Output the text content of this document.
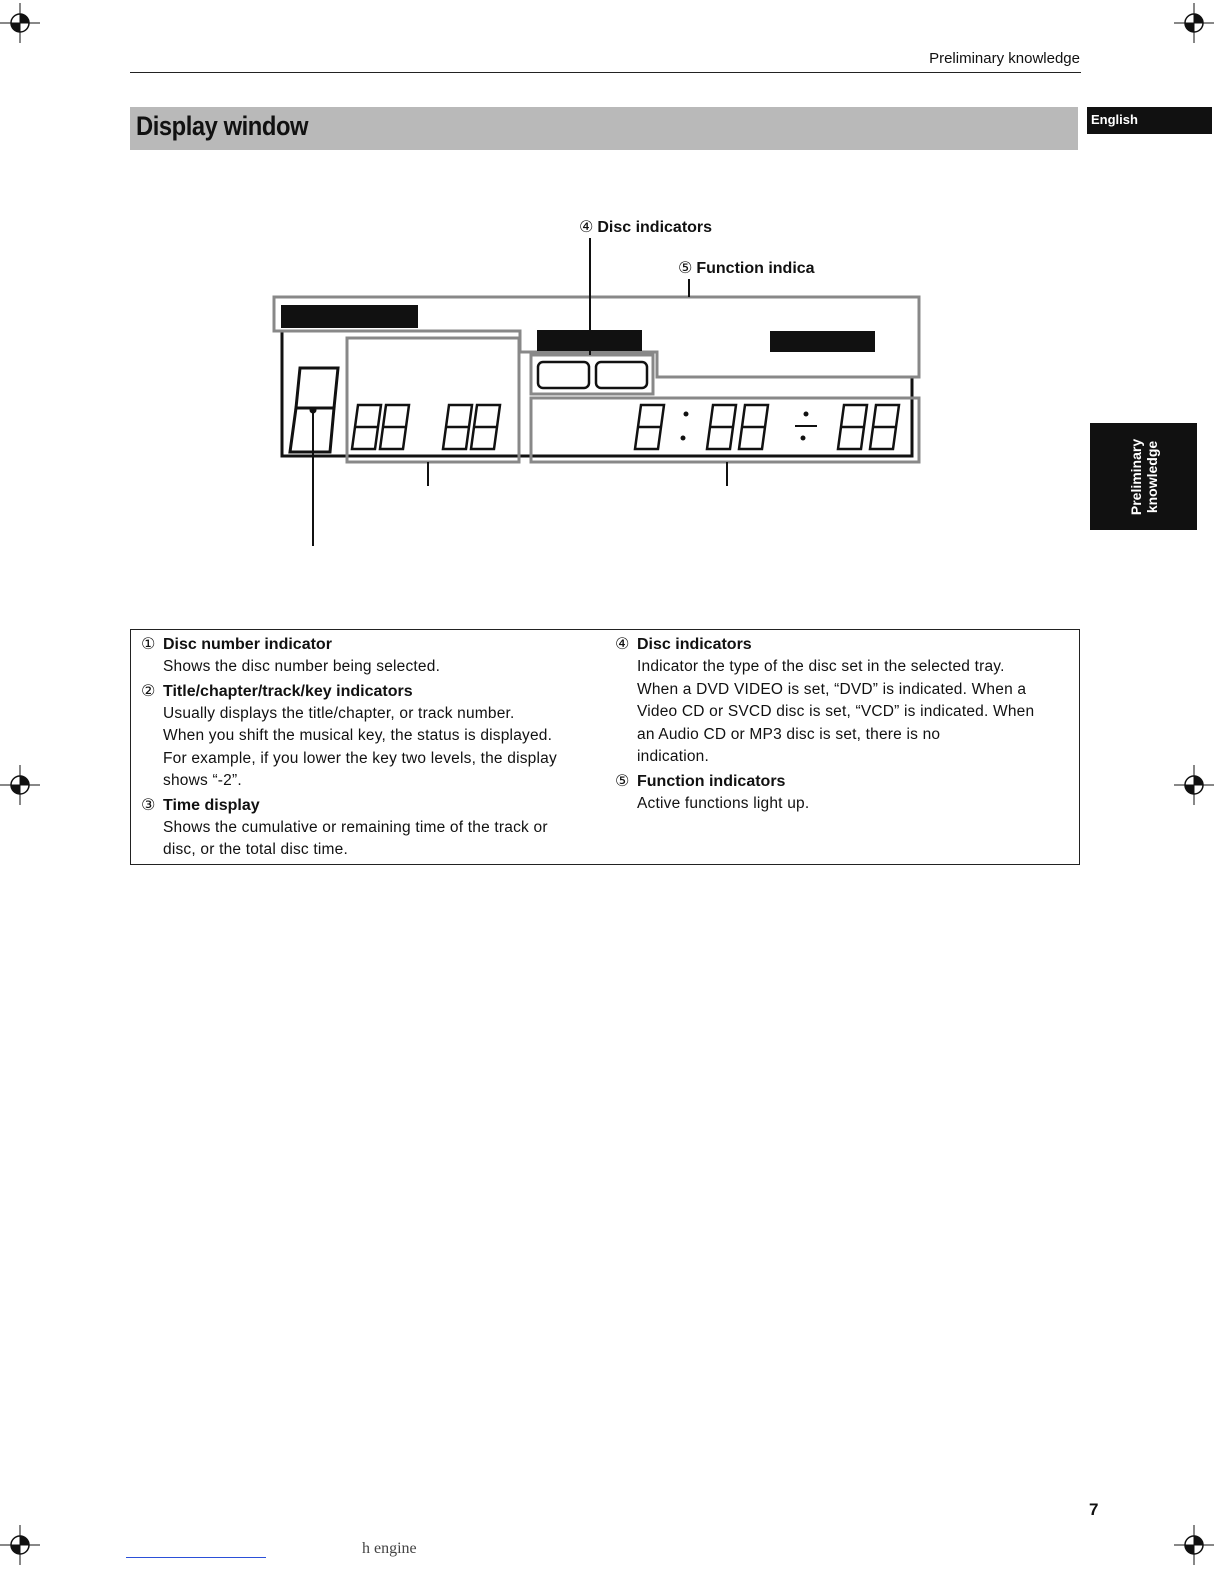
Preliminary knowledge
Display window	English
Preliminary knowledge
④ Disc indicators
⑤ Function indica
① Disc number indicator
Shows the disc number being selected.
② Title/chapter/track/key indicators
Usually displays the title/chapter, or track number.
When you shift the musical key, the status is displayed.
For example, if you lower the key two levels, the display
shows “-2”.
③ Time display
Shows the cumulative or remaining time of the track or
disc, or the total disc time.
④ Disc indicators
Indicator the type of the disc set in the selected tray.
When a DVD VIDEO is set, “DVD” is indicated. When a
Video CD or SVCD disc is set, “VCD” is indicated. When
an Audio CD or MP3 disc is set, there is no
indication.
⑤ Function indicators
Active functions light up.
7
h engine
